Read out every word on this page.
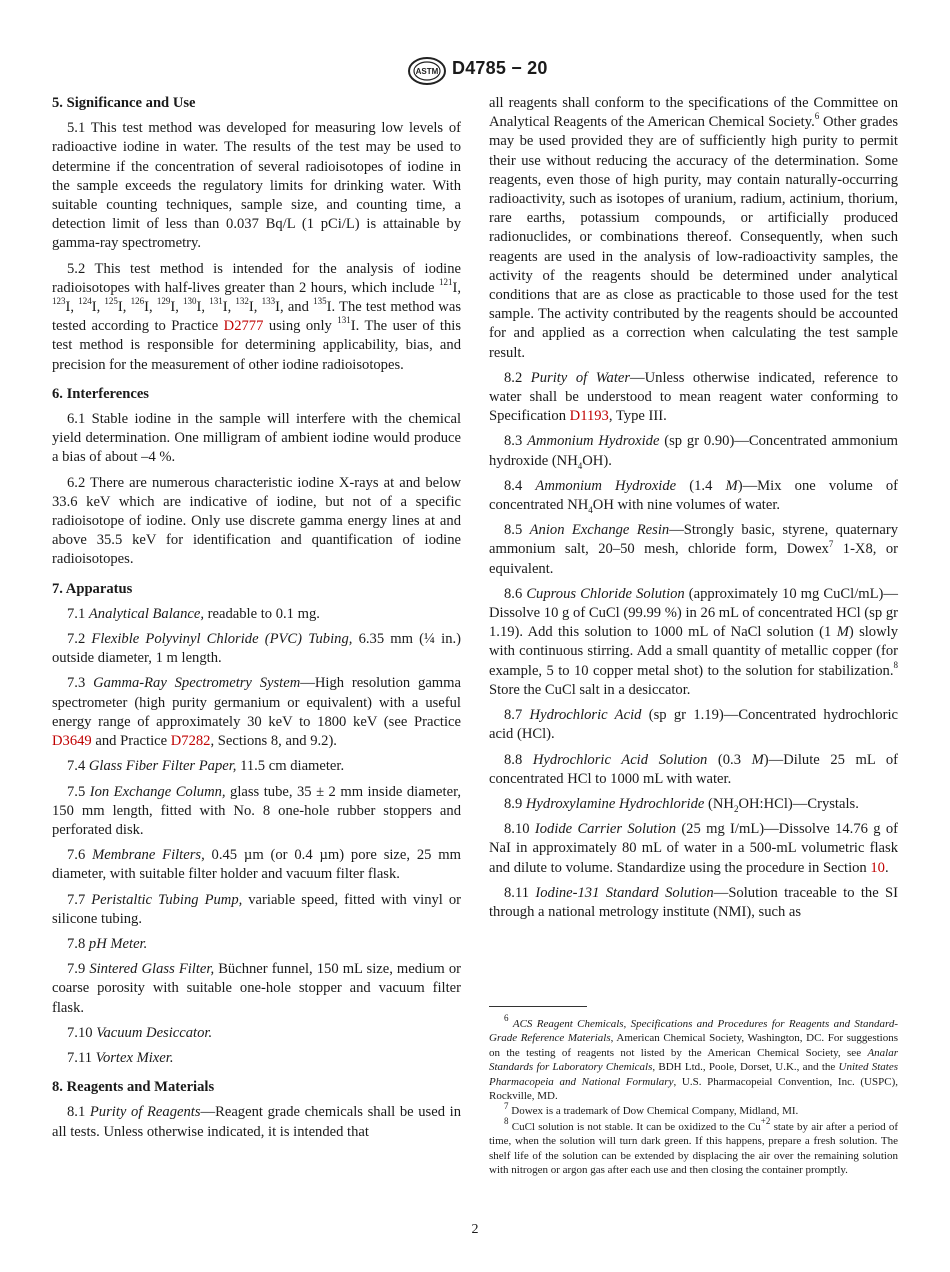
ASTM D4785 − 20
5. Significance and Use

5.1 This test method was developed for measuring low levels of radioactive iodine in water. The results of the test may be used to determine if the concentration of several radioisotopes of iodine in the sample exceeds the regulatory limits for drinking water. With suitable counting techniques, sample size, and counting time, a detection limit of less than 0.037 Bq/L (1 pCi/L) is attainable by gamma-ray spectrometry.

5.2 This test method is intended for the analysis of iodine radioisotopes with half-lives greater than 2 hours, which include $^{121}$I, $^{123}$I, $^{124}$I, $^{125}$I, $^{126}$I, $^{129}$I, $^{130}$I, $^{131}$I, $^{132}$I, $^{133}$I, and $^{135}$I. The test method was tested according to Practice D2777 using only $^{131}$I. The user of this test method is responsible for determining applicability, bias, and precision for the measurement of other iodine radioisotopes.

6. Interferences

6.1 Stable iodine in the sample will interfere with the chemical yield determination. One milligram of ambient iodine would produce a bias of about –4 %.

6.2 There are numerous characteristic iodine X-rays at and below 33.6 keV which are indicative of iodine, but not of a specific radioisotope of iodine. Only use discrete gamma energy lines at and above 35.5 keV for identification and quantification of iodine radioisotopes.

7. Apparatus

7.1 Analytical Balance, readable to 0.1 mg.

7.2 Flexible Polyvinyl Chloride (PVC) Tubing, 6.35 mm (¼ in.) outside diameter, 1 m length.

7.3 Gamma-Ray Spectrometry System—High resolution gamma spectrometer (high purity germanium or equivalent) with a useful energy range of approximately 30 keV to 1800 keV (see Practice D3649 and Practice D7282, Sections 8, and 9.2).

7.4 Glass Fiber Filter Paper, 11.5 cm diameter.

7.5 Ion Exchange Column, glass tube, 35 ± 2 mm inside diameter, 150 mm length, fitted with No. 8 one-hole rubber stoppers and perforated disk.

7.6 Membrane Filters, 0.45 µm (or 0.4 µm) pore size, 25 mm diameter, with suitable filter holder and vacuum filter flask.

7.7 Peristaltic Tubing Pump, variable speed, fitted with vinyl or silicone tubing.

7.8 pH Meter.

7.9 Sintered Glass Filter, Büchner funnel, 150 mL size, medium or coarse porosity with suitable one-hole stopper and vacuum filter flask.

7.10 Vacuum Desiccator.

7.11 Vortex Mixer.

8. Reagents and Materials

8.1 Purity of Reagents—Reagent grade chemicals shall be used in all tests. Unless otherwise indicated, it is intended that

all reagents shall conform to the specifications of the Committee on Analytical Reagents of the American Chemical Society.$^6$ Other grades may be used provided they are of sufficiently high purity to permit their use without reducing the accuracy of the determination. Some reagents, even those of high purity, may contain naturally-occurring radioactivity, such as isotopes of uranium, radium, actinium, thorium, rare earths, potassium compounds, or artificially produced radionuclides, or combinations thereof. Consequently, when such reagents are used in the analysis of low-radioactivity samples, the activity of the reagents should be determined under analytical conditions that are as close as practicable to those used for the test sample. The activity contributed by the reagents should be accounted for and applied as a correction when calculating the test sample result.

8.2 Purity of Water—Unless otherwise indicated, reference to water shall be understood to mean reagent water conforming to Specification D1193, Type III.

8.3 Ammonium Hydroxide (sp gr 0.90)—Concentrated ammonium hydroxide $(NH_4OH)$.

8.4 Ammonium Hydroxide (1.4 M)—Mix one volume of concentrated $NH_4OH$ with nine volumes of water.

8.5 Anion Exchange Resin—Strongly basic, styrene, quaternary ammonium salt, 20–50 mesh, chloride form, Dowex$^7$ 1-X8, or equivalent.

8.6 Cuprous Chloride Solution (approximately 10 mg CuCl/mL)—Dissolve 10 g of CuCl (99.99 %) in 26 mL of concentrated HCl (sp gr 1.19). Add this solution to 1000 mL of NaCl solution (1 M) slowly with continuous stirring. Add a small quantity of metallic copper (for example, 5 to 10 copper metal shot) to the solution for stabilization.$^8$ Store the CuCl salt in a desiccator.

8.7 Hydrochloric Acid (sp gr 1.19)—Concentrated hydrochloric acid (HCl).

8.8 Hydrochloric Acid Solution (0.3 M)—Dilute 25 mL of concentrated HCl to 1000 mL with water.

8.9 Hydroxylamine Hydrochloride $(NH_2OH:HCl)—Crystals$.

8.10 Iodide Carrier Solution (25 mg I/mL)—Dissolve 14.76 g of NaI in approximately 80 mL of water in a 500-mL volumetric flask and dilute to volume. Standardize using the procedure in Section 10.

8.11 Iodine-131 Standard Solution—Solution traceable to the SI through a national metrology institute (NMI), such as

$^6$ ACS Reagent Chemicals, Specifications and Procedures for Reagents and Standard-Grade Reference Materials, American Chemical Society, Washington, DC. For suggestions on the testing of reagents not listed by the American Chemical Society, see Analar Standards for Laboratory Chemicals, BDH Ltd., Poole, Dorset, U.K., and the United States Pharmacopeia and National Formulary, U.S. Pharmacopeial Convention, Inc. (USPC), Rockville, MD.

$^7$ Dowex is a trademark of Dow Chemical Company, Midland, MI.

$^8$ CuCl solution is not stable. It can be oxidized to the $Cu^{+2}$ state by air after a period of time, when the solution will turn dark green. If this happens, prepare a fresh solution. The shelf life of the solution can be extended by displacing the air over the remaining solution with nitrogen or argon gas after each use and then closing the container promptly.

2
